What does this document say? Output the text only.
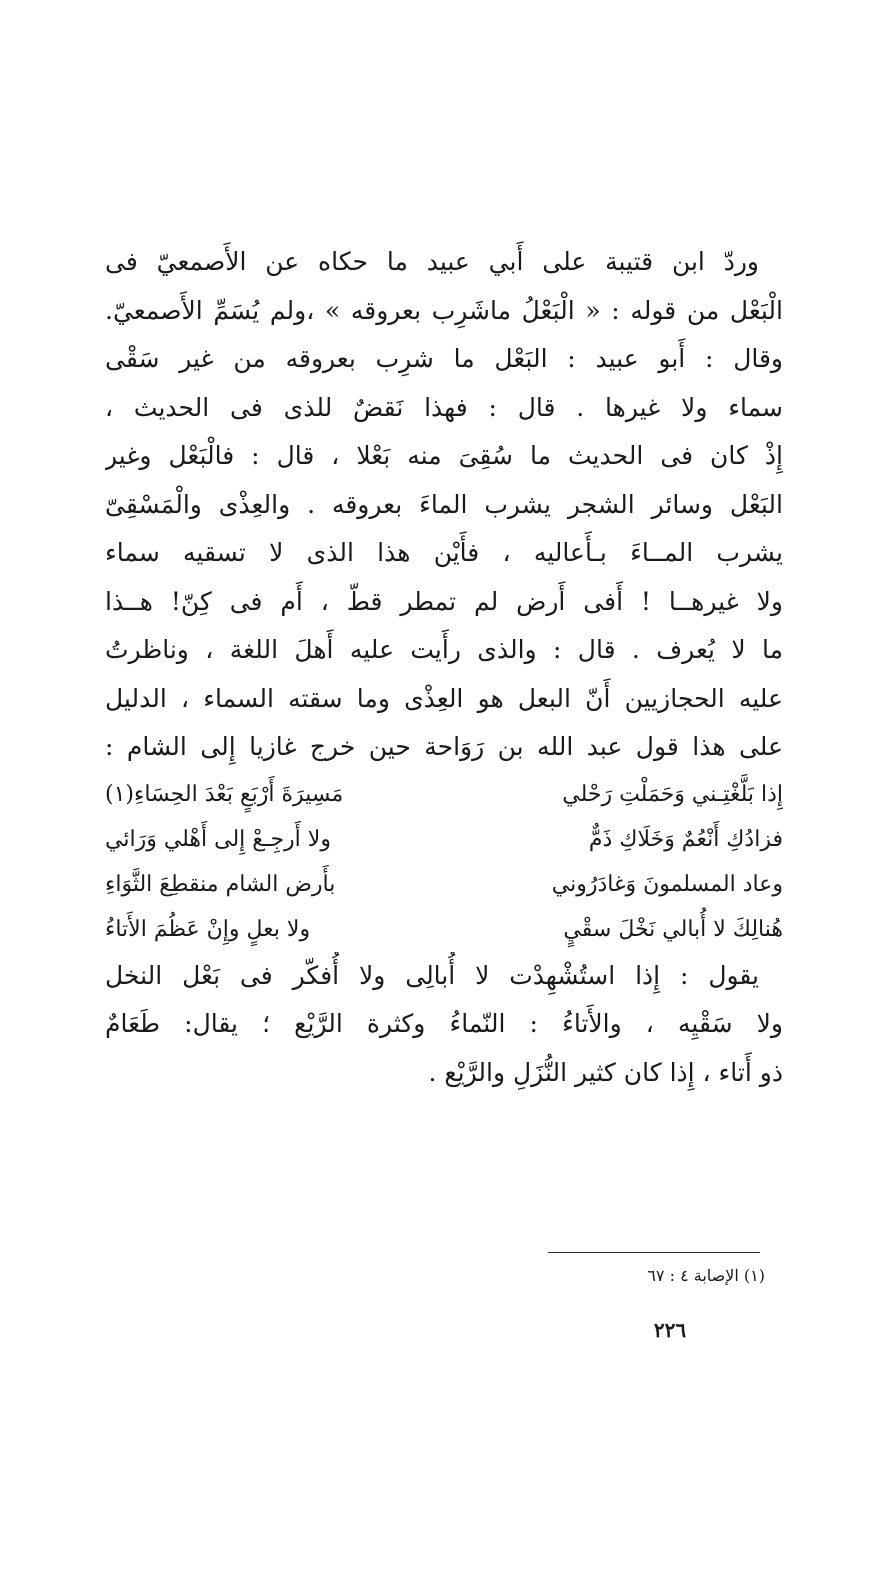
وردّ ابن قتيبة على أَبي عبيد ما حكاه عن الأَصمعيّ فى
الْبَعْل من قوله : « الْبَعْلُ ماشَرِب بعروقه » ،ولم يُسَمِّ الأَصمعيّ.
وقال : أَبو عبيد : البَعْل ما شرِب بعروقه من غير سَقْى
سماء ولا غيرها . قال : فهذا نَقضٌ للذى فى الحديث ،
إِذْ كان فى الحديث ما سُقِىَ منه بَعْلا ، قال : فالْبَعْل وغير
البَعْل وسائر الشجر يشرب الماءَ بعروقه . والعِذْى والْمَسْقِىّ
يشرب المــاءَ بـأَعاليه ، فأَيْن هذا الذى لا تسقيه سماء
ولا غيرهــا ! أَفى أَرض لم تمطر قطّ ، أَم فى كِنّ! هــذا
ما لا يُعرف . قال : والذى رأَيت عليه أَهلَ اللغة ، وناظرتُ
عليه الحجازيين أَنّ البعل هو العِذْى وما سقته السماء ، الدليل
على هذا قول عبد الله بن رَوَاحة حين خرج غازيا إِلى الشام :
إِذا بَلَّغْتِـني وَحَمَلْتِ رَحْلي
مَسِيرَةَ أَرْبَعٍ بَعْدَ الحِسَاءِ(١)
فزادُكِ أَنْعُمٌ وَخَلَاكِ ذَمٌّ
ولا أَرجِـعْ إِلى أَهْلي وَرَائي
وعاد المسلمونَ وَغادَرُوني
بأَرض الشام منقطِعَ الثَّوَاءِ
هُنالِكَ لا أُبالي نَخْلَ سقْيٍ
ولا بعلٍ وإِنْ عَظُمَ الأَتاءُ
يقول : إِذا استُشْهِدْت لا أُبالِى ولا أُفكّر فى بَعْل النخل
ولا سَقْيِه ، والأَتاءُ : النّماءُ وكثرة الرَّيْع ؛ يقال: طَعَامٌ
ذو أَتاء ، إِذا كان كثير النُّزَلِ والرَّيْع .
(١) الإصابة ٤ : ٦٧
٢٢٦
